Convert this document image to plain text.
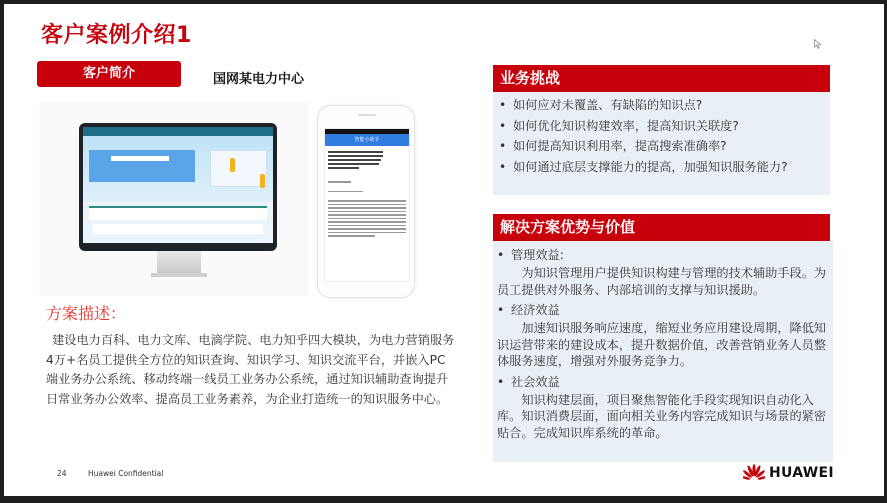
客户案例介绍1
客户简介	国网某电力中心
智能小助手
方案描述：
建设电力百科、电力文库、电滴学院、电力知乎四大模块，为电力营销服务4万+名员工提供全方位的知识查询、知识学习、知识交流平台，并嵌入PC端业务办公系统、移动终端一线员工业务办公系统，通过知识辅助查询提升日常业务办公效率、提高员工业务素养，为企业打造统一的知识服务中心。
业务挑战
• 如何应对未覆盖、有缺陷的知识点?
• 如何优化知识构建效率，提高知识关联度?
• 如何提高知识利用率，提高搜索准确率?
• 如何通过底层支撑能力的提高，加强知识服务能力?
解决方案优势与价值
• 管理效益:
为知识管理用户提供知识构建与管理的技术辅助手段。为员工提供对外服务、内部培训的支撑与知识援助。
• 经济效益
加速知识服务响应速度，缩短业务应用建设周期，降低知识运营带来的建设成本，提升数据价值，改善营销业务人员整体服务速度，增强对外服务竞争力。
• 社会效益
知识构建层面，项目聚焦智能化手段实现知识自动化入库。知识消费层面，面向相关业务内容完成知识与场景的紧密贴合。完成知识库系统的革命。
24	Huawei Confidential	HUAWEI
